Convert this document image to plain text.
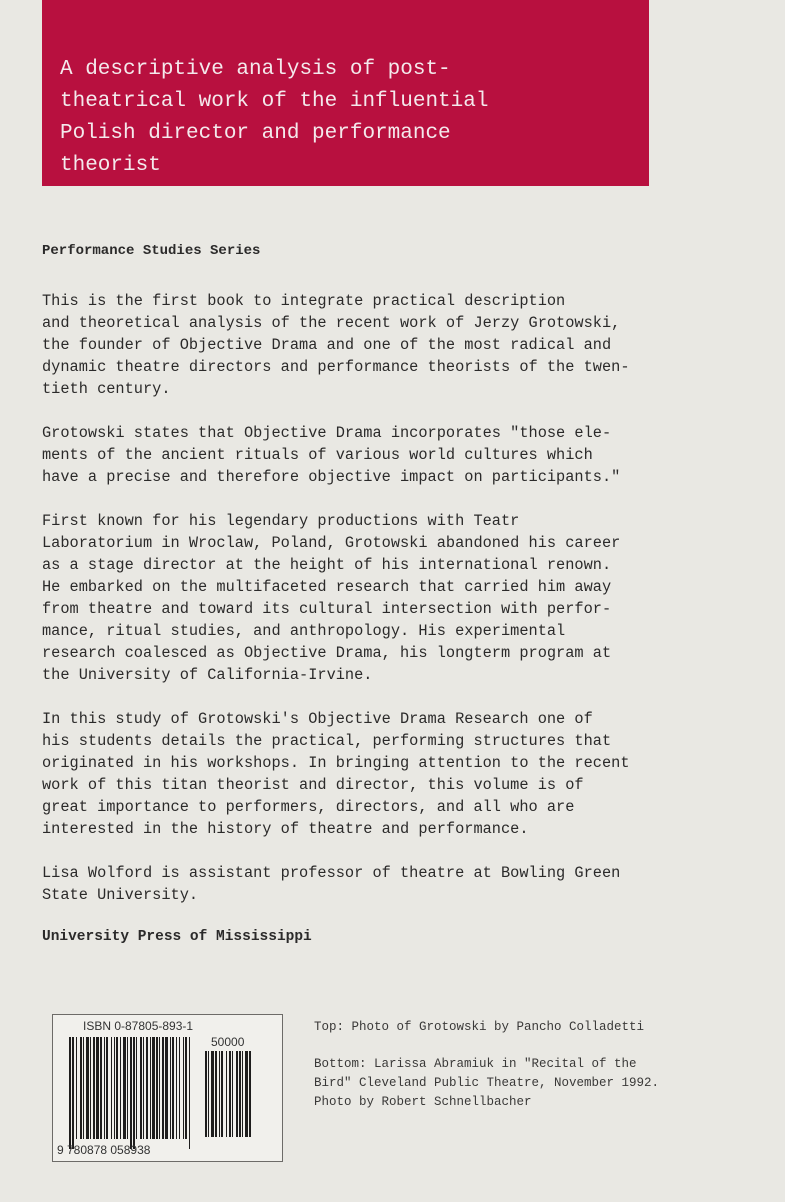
A descriptive analysis of post-
theatrical work of the influential
Polish director and performance
theorist
Performance Studies Series

This is the first book to integrate practical description
and theoretical analysis of the recent work of Jerzy Grotowski,
the founder of Objective Drama and one of the most radical and
dynamic theatre directors and performance theorists of the twen-
tieth century.

Grotowski states that Objective Drama incorporates "those ele-
ments of the ancient rituals of various world cultures which
have a precise and therefore objective impact on participants."

First known for his legendary productions with Teatr
Laboratorium in Wroclaw, Poland, Grotowski abandoned his career
as a stage director at the height of his international renown.
He embarked on the multifaceted research that carried him away
from theatre and toward its cultural intersection with perfor-
mance, ritual studies, and anthropology. His experimental
research coalesced as Objective Drama, his longterm program at
the University of California-Irvine.

In this study of Grotowski's Objective Drama Research one of
his students details the practical, performing structures that
originated in his workshops. In bringing attention to the recent
work of this titan theorist and director, this volume is of
great importance to performers, directors, and all who are
interested in the history of theatre and performance.

Lisa Wolford is assistant professor of theatre at Bowling Green
State University.

University Press of Mississippi
ISBN 0-87805-893-1
50000
9 780878 058938

Top: Photo of Grotowski by Pancho Colladetti

Bottom: Larissa Abramiuk in "Recital of the
Bird" Cleveland Public Theatre, November 1992.
Photo by Robert Schnellbacher
